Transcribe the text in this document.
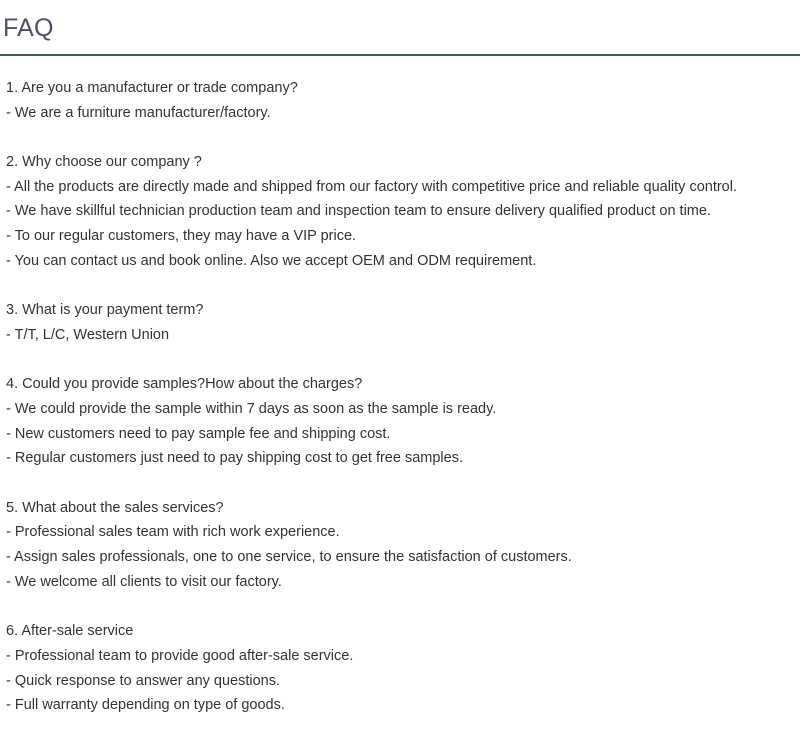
FAQ
1. Are you a manufacturer or trade company?
- We are a furniture manufacturer/factory.
2. Why choose our company ?
- All the products are directly made and shipped from our factory with competitive price and reliable quality control.
- We have skillful technician production team and inspection team to ensure delivery qualified product on time.
- To our regular customers, they may have a VIP price.
- You can contact us and book online. Also we accept OEM and ODM requirement.
3. What is your payment term?
- T/T, L/C, Western Union
4. Could you provide samples?How about the charges?
- We could provide the sample within 7 days as soon as the sample is ready.
- New customers need to pay sample fee and shipping cost.
- Regular customers just need to pay shipping cost to get free samples.
5. What about the sales services?
- Professional sales team with rich work experience.
- Assign sales professionals, one to one service, to ensure the satisfaction of customers.
- We welcome all clients to visit our factory.
6. After-sale service
- Professional team to provide good after-sale service.
- Quick response to answer any questions.
- Full warranty depending on type of goods.
